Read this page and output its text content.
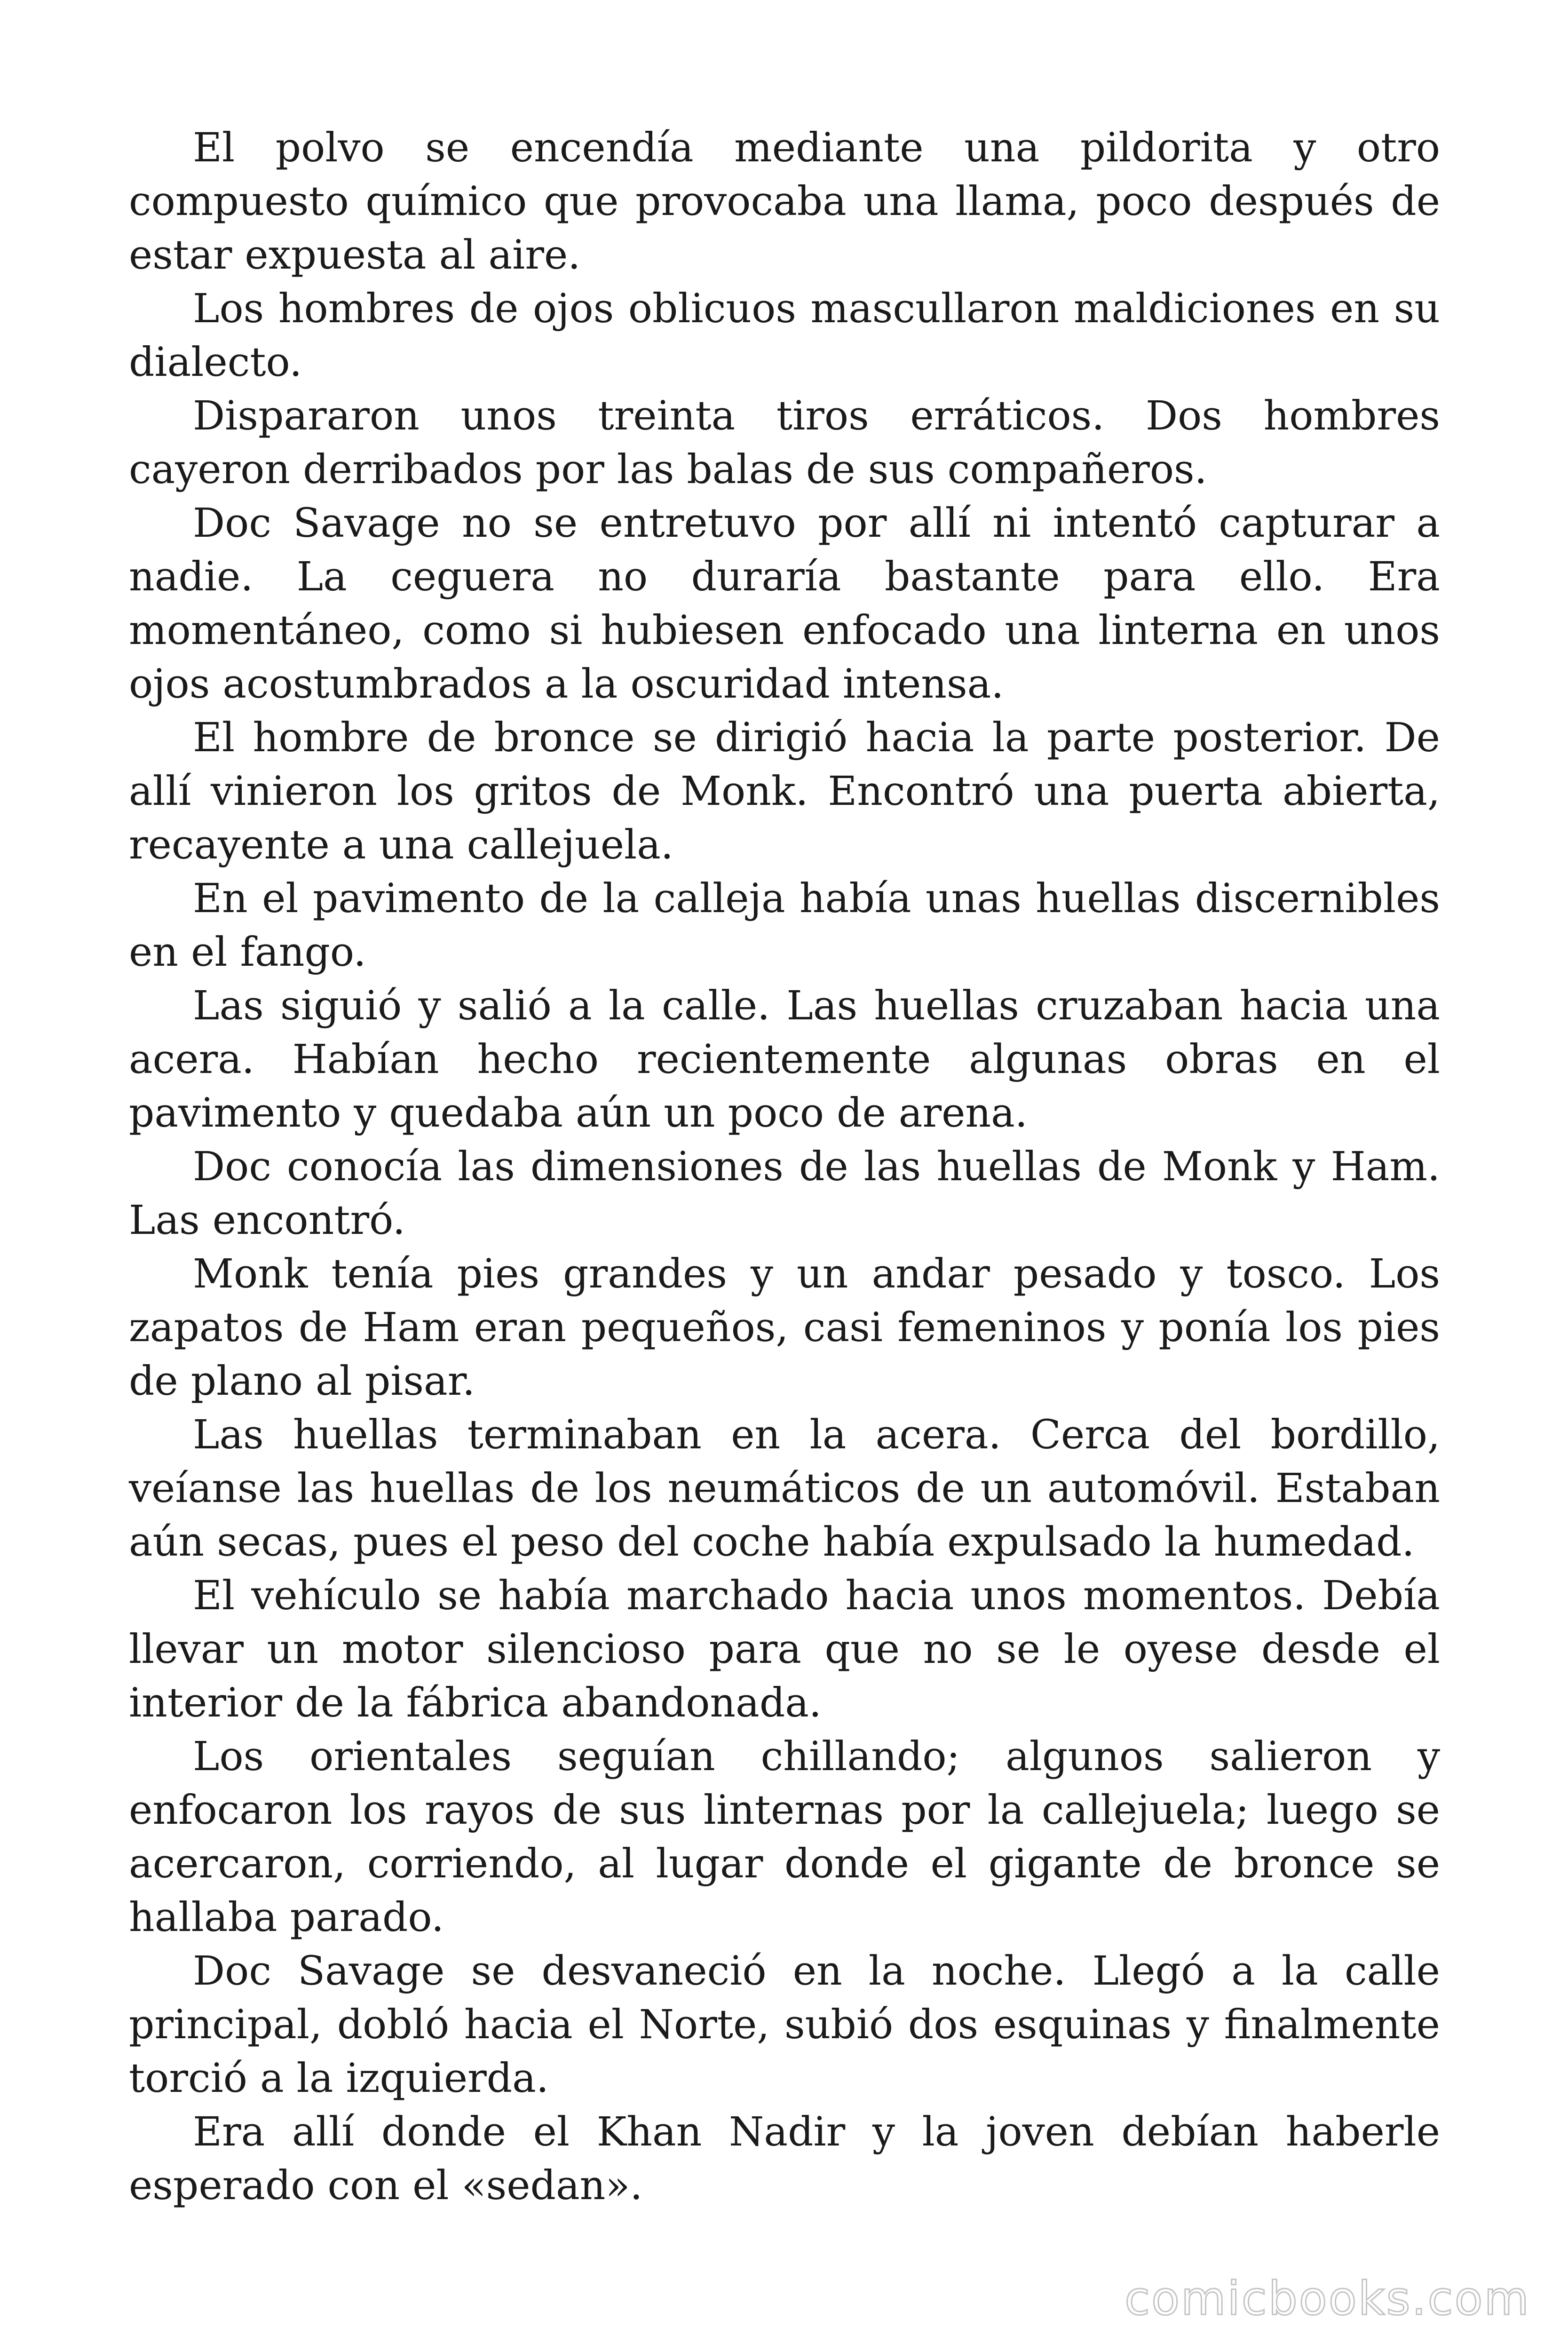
El polvo se encendía mediante una pildorita y otro compuesto químico que provocaba una llama, poco después de estar expuesta al aire.

Los hombres de ojos oblicuos mascullaron maldiciones en su dialecto.

Dispararon unos treinta tiros erráticos. Dos hombres cayeron derribados por las balas de sus compañeros.

Doc Savage no se entretuvo por allí ni intentó capturar a nadie. La ceguera no duraría bastante para ello. Era momentáneo, como si hubiesen enfocado una linterna en unos ojos acostumbrados a la oscuridad intensa.

El hombre de bronce se dirigió hacia la parte posterior. De allí vinieron los gritos de Monk. Encontró una puerta abierta, recayente a una callejuela.

En el pavimento de la calleja había unas huellas discernibles en el fango.

Las siguió y salió a la calle. Las huellas cruzaban hacia una acera. Habían hecho recientemente algunas obras en el pavimento y quedaba aún un poco de arena.

Doc conocía las dimensiones de las huellas de Monk y Ham. Las encontró.

Monk tenía pies grandes y un andar pesado y tosco. Los zapatos de Ham eran pequeños, casi femeninos y ponía los pies de plano al pisar.

Las huellas terminaban en la acera. Cerca del bordillo, veíanse las huellas de los neumáticos de un automóvil. Estaban aún secas, pues el peso del coche había expulsado la humedad.

El vehículo se había marchado hacia unos momentos. Debía llevar un motor silencioso para que no se le oyese desde el interior de la fábrica abandonada.

Los orientales seguían chillando; algunos salieron y enfocaron los rayos de sus linternas por la callejuela; luego se acercaron, corriendo, al lugar donde el gigante de bronce se hallaba parado.

Doc Savage se desvaneció en la noche. Llegó a la calle principal, dobló hacia el Norte, subió dos esquinas y finalmente torció a la izquierda.

Era allí donde el Khan Nadir y la joven debían haberle esperado con el «sedan».

comicbooks.com
